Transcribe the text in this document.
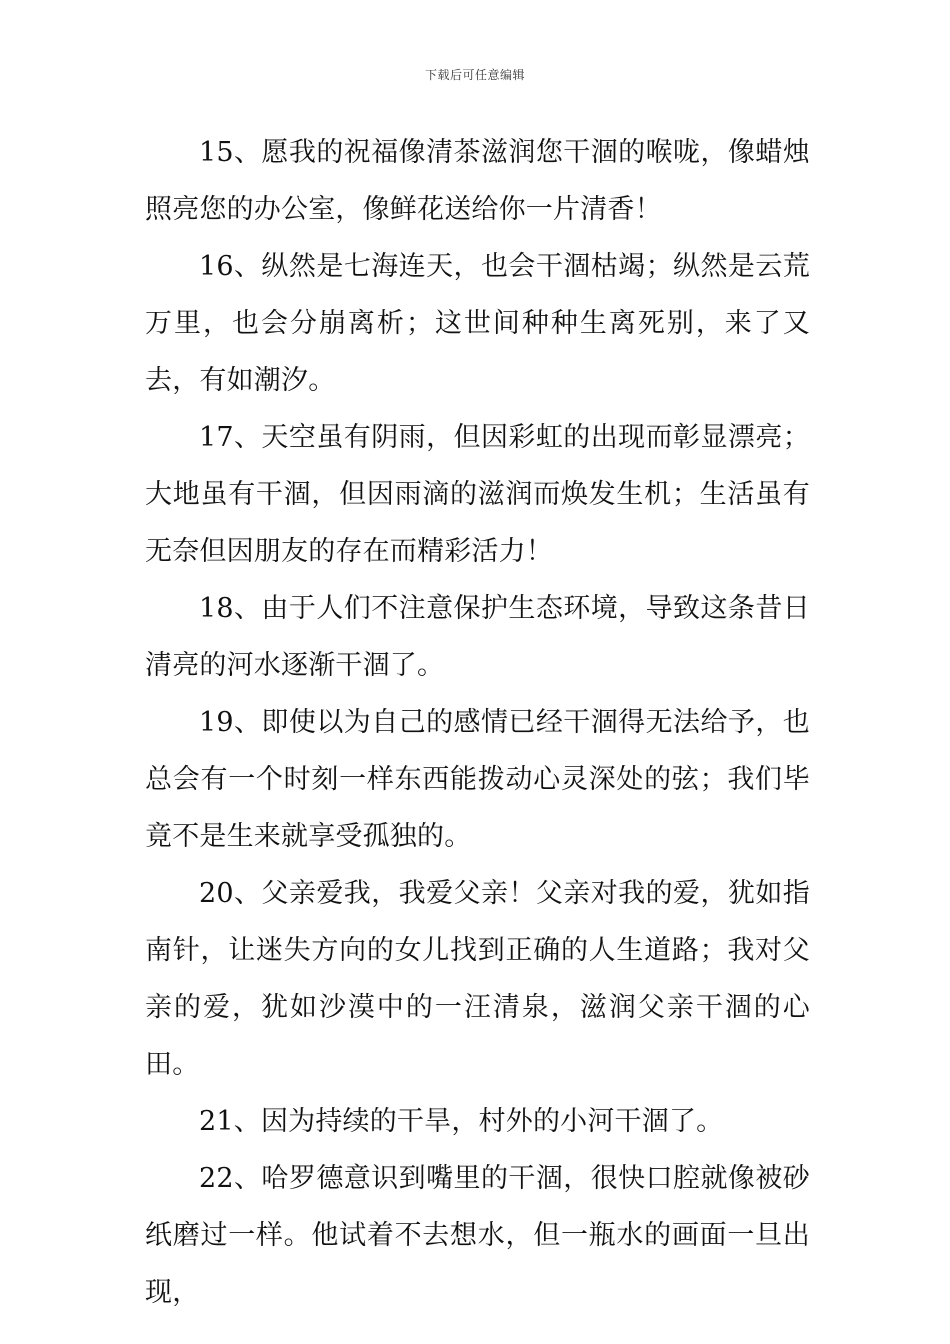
下载后可任意编辑

15、愿我的祝福像清茶滋润您干涸的喉咙，像蜡烛照亮您的办公室，像鲜花送给你一片清香！

16、纵然是七海连天，也会干涸枯竭；纵然是云荒万里，也会分崩离析；这世间种种生离死别，来了又去，有如潮汐。

17、天空虽有阴雨，但因彩虹的出现而彰显漂亮；大地虽有干涸，但因雨滴的滋润而焕发生机；生活虽有无奈但因朋友的存在而精彩活力！

18、由于人们不注意保护生态环境，导致这条昔日清亮的河水逐渐干涸了。

19、即使以为自己的感情已经干涸得无法给予，也总会有一个时刻一样东西能拨动心灵深处的弦；我们毕竟不是生来就享受孤独的。

20、父亲爱我，我爱父亲！父亲对我的爱，犹如指南针，让迷失方向的女儿找到正确的人生道路；我对父亲的爱，犹如沙漠中的一汪清泉，滋润父亲干涸的心田。

21、因为持续的干旱，村外的小河干涸了。

22、哈罗德意识到嘴里的干涸，很快口腔就像被砂纸磨过一样。他试着不去想水，但一瓶水的画面一旦出现，
